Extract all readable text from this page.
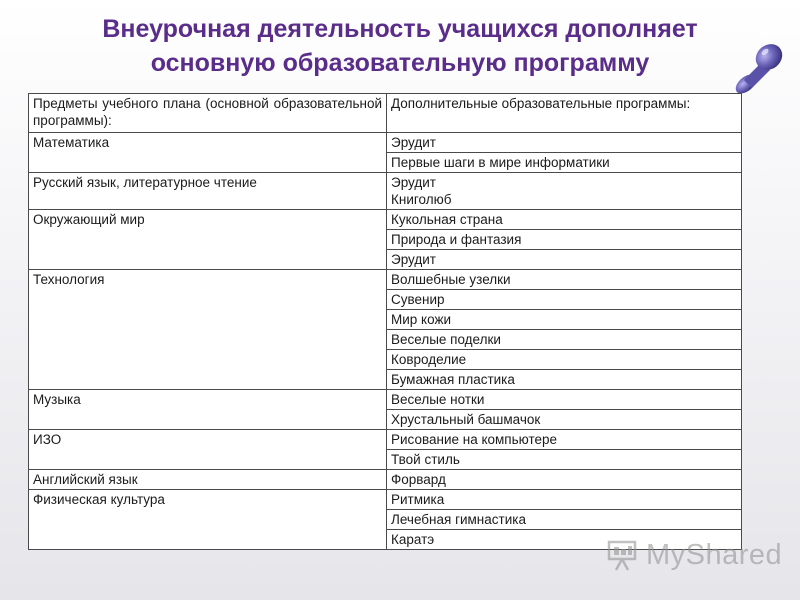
Внеурочная деятельность учащихся дополняет
основную образовательную программу
Предметы учебного плана (основной образовательной программы):	Дополнительные образовательные программы:
Математика	Эрудит
	Первые шаги в мире информатики
Русский язык, литературное чтение	Эрудит
Книголюб
Окружающий мир	Кукольная страна
	Природа и фантазия
	Эрудит
Технология	Волшебные узелки
	Сувенир
	Мир кожи
	Веселые поделки
	Ковроделие
	Бумажная пластика
Музыка	Веселые нотки
	Хрустальный башмачок
ИЗО	Рисование на компьютере
	Твой стиль
Английский язык	Форвард
Физическая культура	Ритмика
	Лечебная гимнастика
	Каратэ	MyShared
